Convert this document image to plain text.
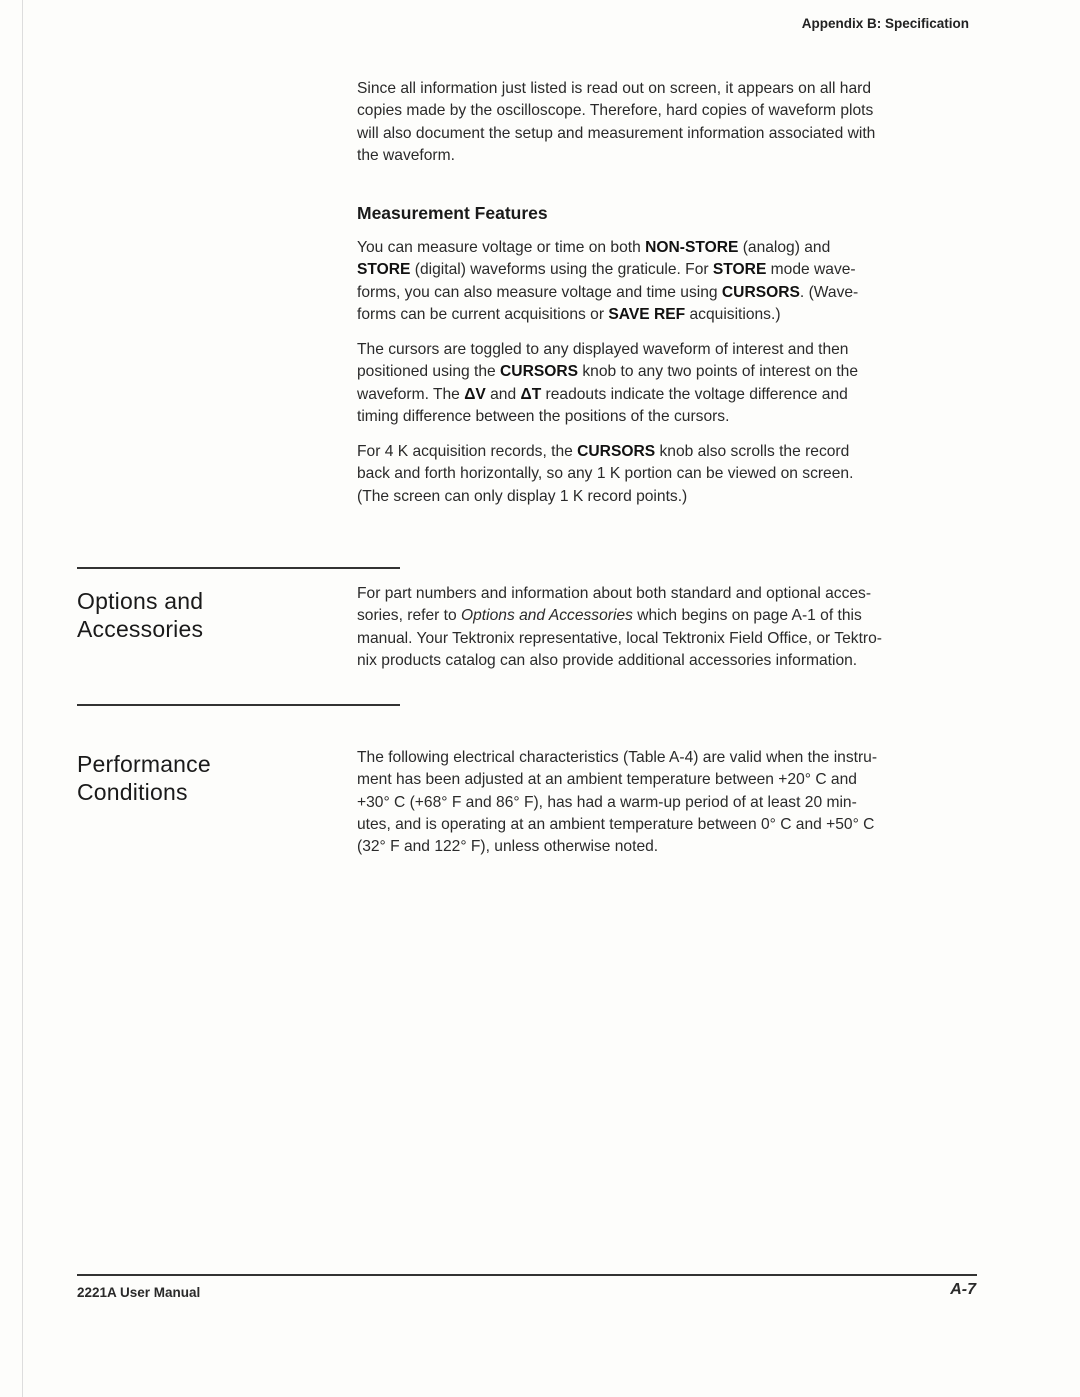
Appendix B: Specification
Since all information just listed is read out on screen, it appears on all hard
copies made by the oscilloscope. Therefore, hard copies of waveform plots
will also document the setup and measurement information associated with
the waveform.
Measurement Features
You can measure voltage or time on both NON-STORE (analog) and
STORE (digital) waveforms using the graticule. For STORE mode wave-
forms, you can also measure voltage and time using CURSORS. (Wave-
forms can be current acquisitions or SAVE REF acquisitions.)
The cursors are toggled to any displayed waveform of interest and then
positioned using the CURSORS knob to any two points of interest on the
waveform. The ΔV and ΔT readouts indicate the voltage difference and
timing difference between the positions of the cursors.
For 4 K acquisition records, the CURSORS knob also scrolls the record
back and forth horizontally, so any 1 K portion can be viewed on screen.
(The screen can only display 1 K record points.)
Options and
Accessories
For part numbers and information about both standard and optional acces-
sories, refer to Options and Accessories which begins on page A-1 of this
manual. Your Tektronix representative, local Tektronix Field Office, or Tektro-
nix products catalog can also provide additional accessories information.
Performance
Conditions
The following electrical characteristics (Table A-4) are valid when the instru-
ment has been adjusted at an ambient temperature between +20° C and
+30° C (+68° F and 86° F), has had a warm-up period of at least 20 min-
utes, and is operating at an ambient temperature between 0° C and +50° C
(32° F and 122° F), unless otherwise noted.
2221A User Manual	A-7
